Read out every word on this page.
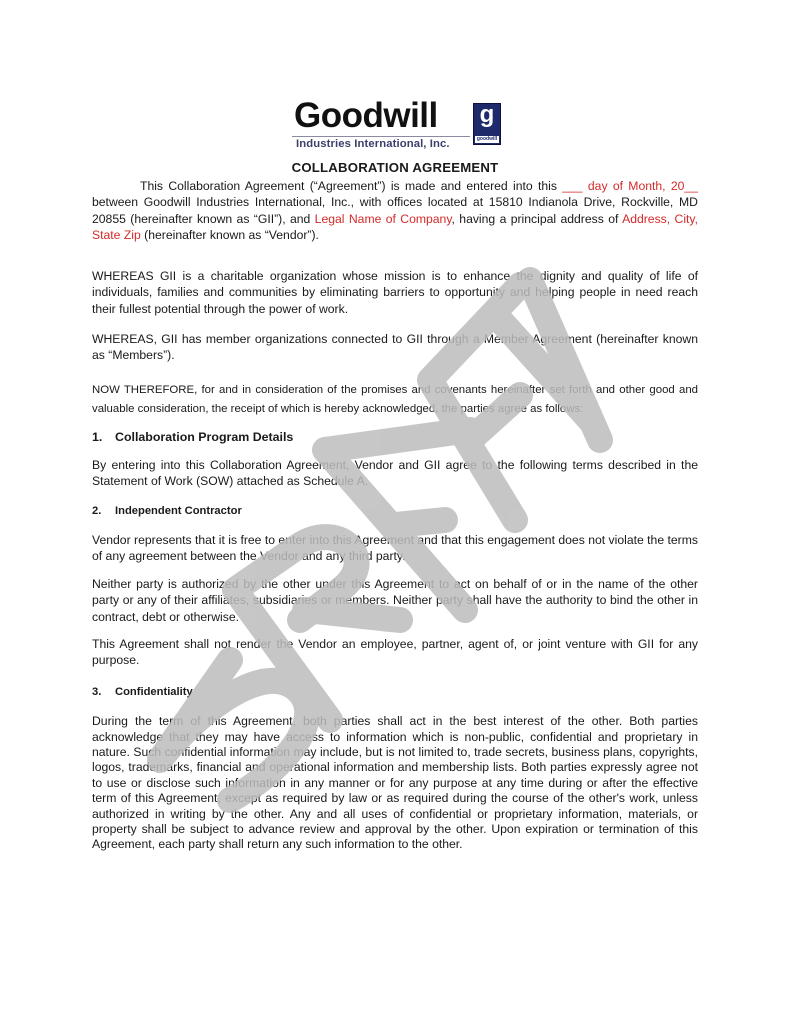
Goodwill
Industries International, Inc.
g
goodwill
COLLABORATION AGREEMENT

This Collaboration Agreement (“Agreement”) is made and entered into this ___ day of Month, 20__ between Goodwill Industries International, Inc., with offices located at 15810 Indianola Drive, Rockville, MD 20855 (hereinafter known as “GII”), and Legal Name of Company, having a principal address of Address, City, State Zip (hereinafter known as “Vendor”).

WHEREAS GII is a charitable organization whose mission is to enhance the dignity and quality of life of individuals, families and communities by eliminating barriers to opportunity and helping people in need reach their fullest potential through the power of work.

WHEREAS, GII has member organizations connected to GII through a Member Agreement (hereinafter known as “Members”).

NOW THEREFORE, for and in consideration of the promises and covenants hereinafter set forth and other good and valuable consideration, the receipt of which is hereby acknowledged, the parties agree as follows:

1. Collaboration Program Details

By entering into this Collaboration Agreement, Vendor and GII agree to the following terms described in the Statement of Work (SOW) attached as Schedule A.

2. Independent Contractor

Vendor represents that it is free to enter into this Agreement and that this engagement does not violate the terms of any agreement between the Vendor and any third party.

Neither party is authorized by the other under this Agreement to act on behalf of or in the name of the other party or any of their affiliates, subsidiaries or members. Neither party shall have the authority to bind the other in contract, debt or otherwise.

This Agreement shall not render the Vendor an employee, partner, agent of, or joint venture with GII for any purpose.

3. Confidentiality

During the term of this Agreement, both parties shall act in the best interest of the other. Both parties acknowledge that they may have access to information which is non-public, confidential and proprietary in nature. Such confidential information may include, but is not limited to, trade secrets, business plans, copyrights, logos, trademarks, financial and operational information and membership lists. Both parties expressly agree not to use or disclose such information in any manner or for any purpose at any time during or after the effective term of this Agreement, except as required by law or as required during the course of the other's work, unless authorized in writing by the other. Any and all uses of confidential or proprietary information, materials, or property shall be subject to advance review and approval by the other. Upon expiration or termination of this Agreement, each party shall return any such information to the other.
